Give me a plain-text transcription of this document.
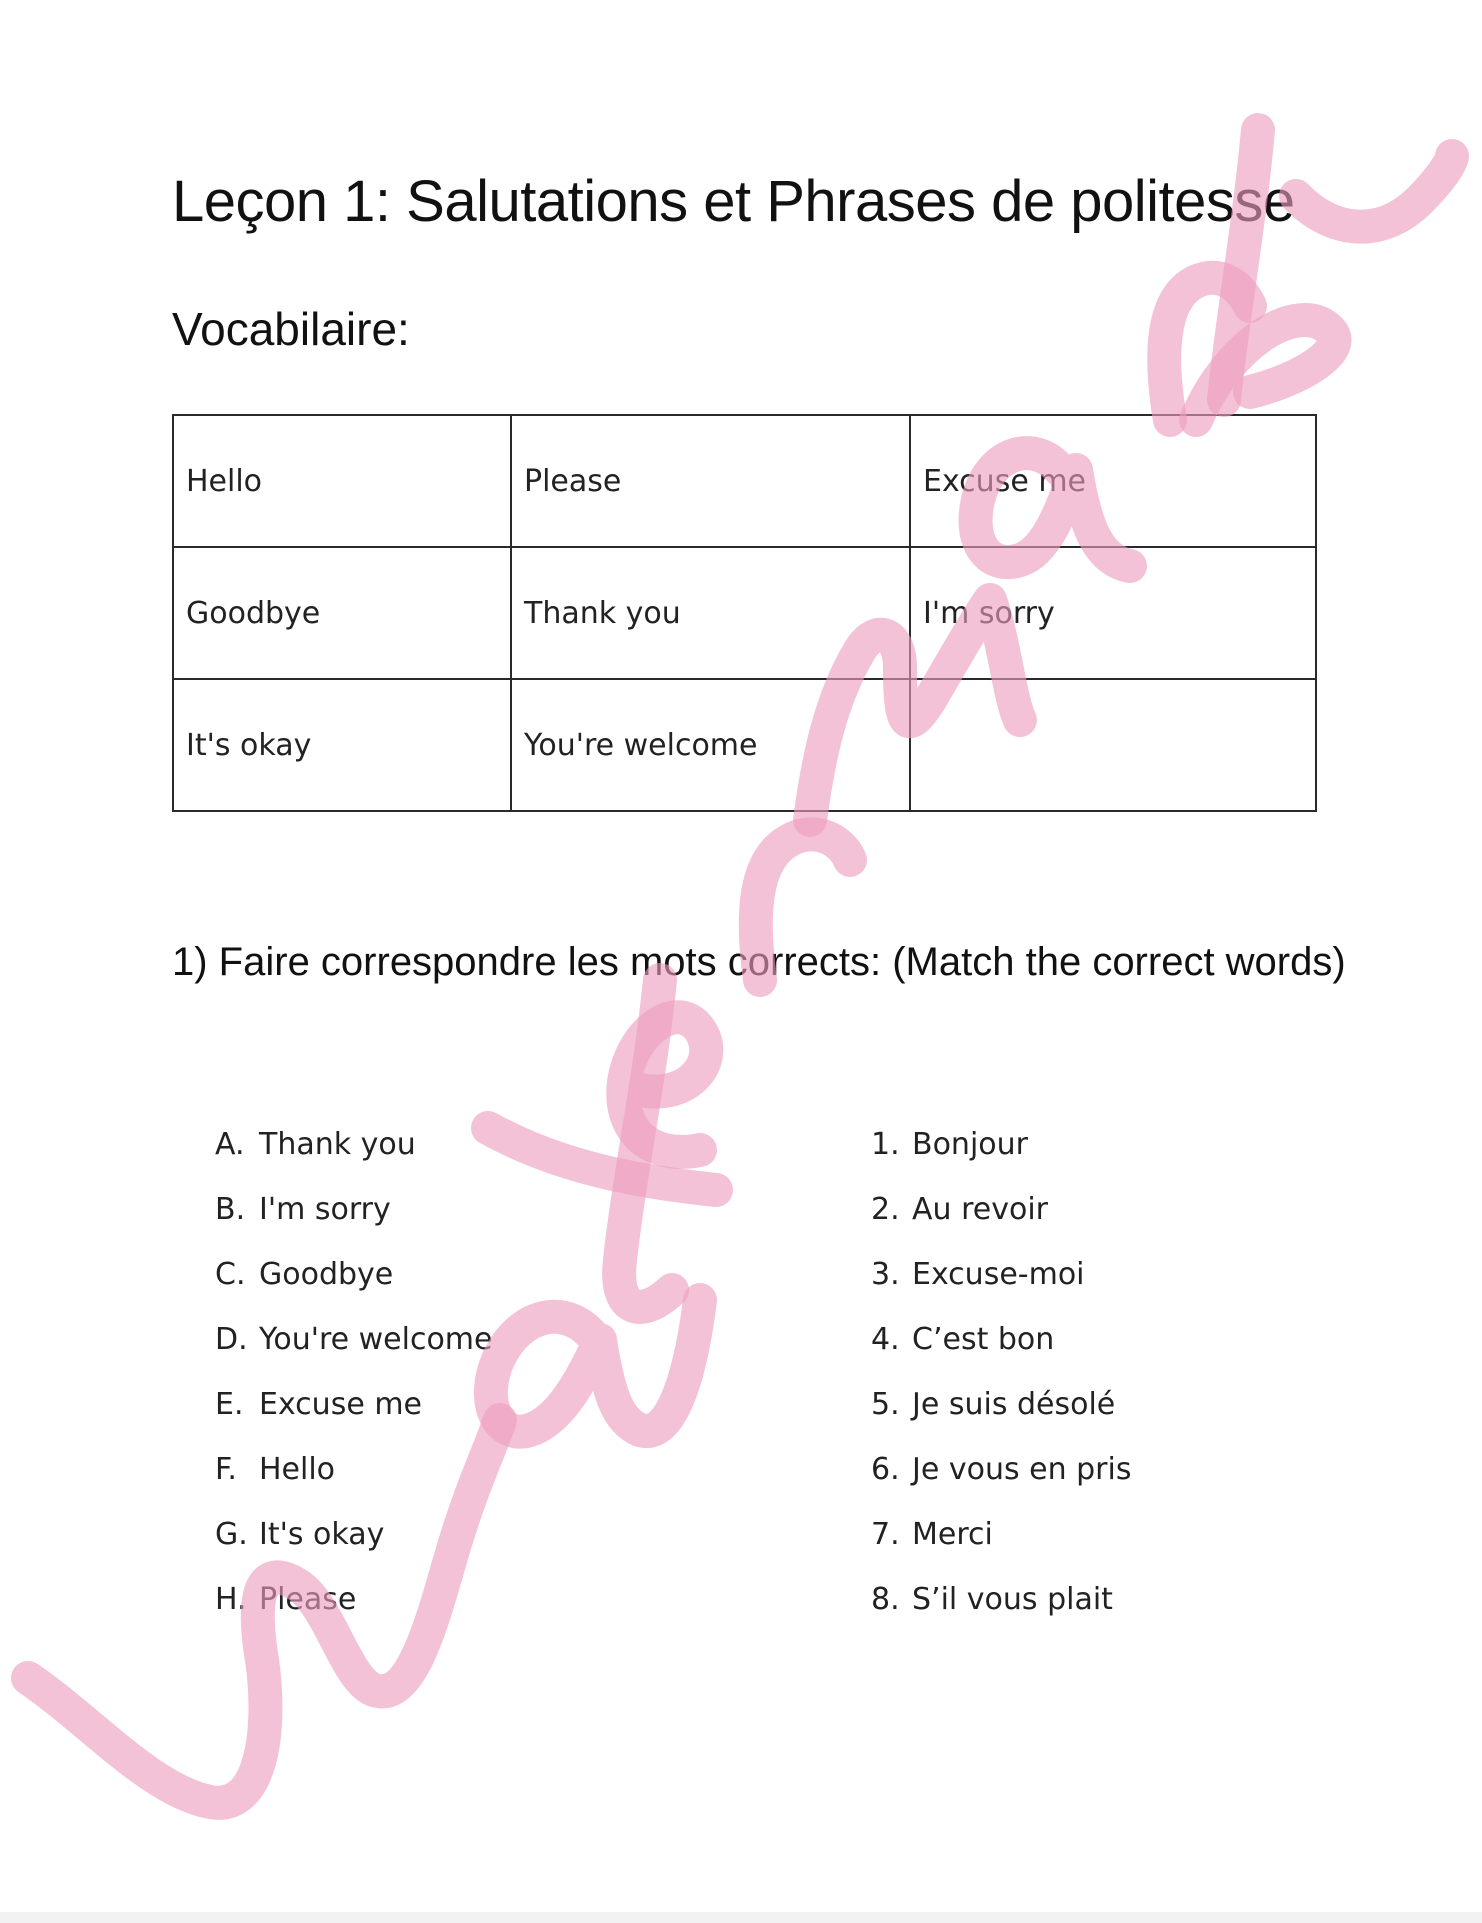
Leçon 1: Salutations et Phrases de politesse
Vocabilaire:
Hello	Please	Excuse me
Goodbye	Thank you	I'm sorry
It's okay	You're welcome	
1) Faire correspondre les mots corrects: (Match the correct words)
A. Thank you
B. I'm sorry
C. Goodbye
D. You're welcome
E. Excuse me
F. Hello
G. It's okay
H. Please
1. Bonjour
2. Au revoir
3. Excuse-moi
4. C’est bon
5. Je suis désolé
6. Je vous en pris
7. Merci
8. S’il vous plait
